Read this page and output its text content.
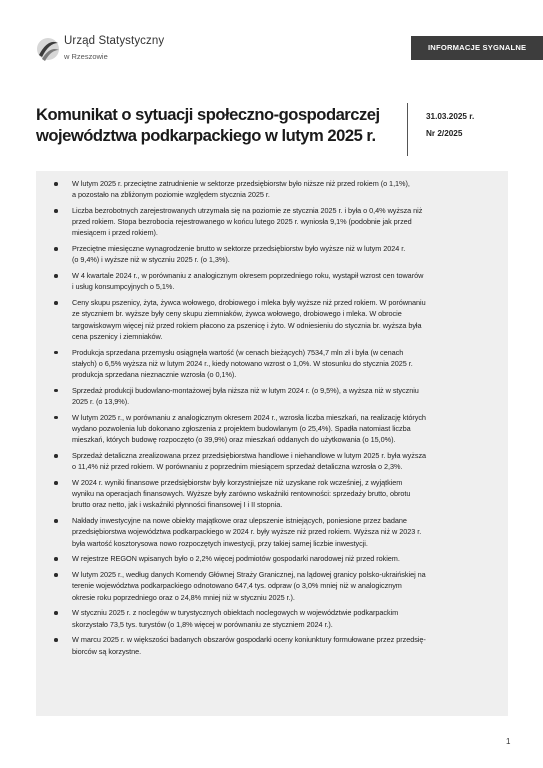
Urząd Statystyczny
w Rzeszowie
INFORMACJE SYGNALNE
Komunikat o sytuacji społeczno-gospodarczej
województwa podkarpackiego w lutym 2025 r.
31.03.2025 r.
Nr 2/2025
W lutym 2025 r. przeciętne zatrudnienie w sektorze przedsiębiorstw było niższe niż przed rokiem (o 1,1%),
a pozostało na zbliżonym poziomie względem stycznia 2025 r.
Liczba bezrobotnych zarejestrowanych utrzymała się na poziomie ze stycznia 2025 r. i była o 0,4% wyższa niż
przed rokiem. Stopa bezrobocia rejestrowanego w końcu lutego 2025 r. wyniosła 9,1% (podobnie jak przed
miesiącem i przed rokiem).
Przeciętne miesięczne wynagrodzenie brutto w sektorze przedsiębiorstw było wyższe niż w lutym 2024 r.
(o 9,4%) i wyższe niż w styczniu 2025 r. (o 1,3%).
W 4 kwartale 2024 r., w porównaniu z analogicznym okresem poprzedniego roku, wystąpił wzrost cen towarów
i usług konsumpcyjnych o 5,1%.
Ceny skupu pszenicy, żyta, żywca wołowego, drobiowego i mleka były wyższe niż przed rokiem. W porównaniu
ze styczniem br. wyższe były ceny skupu ziemniaków, żywca wołowego, drobiowego i mleka. W obrocie
targowiskowym więcej niż przed rokiem płacono za pszenicę i żyto. W odniesieniu do stycznia br. wyższa była
cena pszenicy i ziemniaków.
Produkcja sprzedana przemysłu osiągnęła wartość (w cenach bieżących) 7534,7 mln zł i była (w cenach
stałych) o 6,5% wyższa niż w lutym 2024 r., kiedy notowano wzrost o 1,0%. W stosunku do stycznia 2025 r.
produkcja sprzedana nieznacznie wzrosła (o 0,1%).
Sprzedaż produkcji budowlano-montażowej była niższa niż w lutym 2024 r. (o 9,5%), a wyższa niż w styczniu
2025 r. (o 13,9%).
W lutym 2025 r., w porównaniu z analogicznym okresem 2024 r., wzrosła liczba mieszkań, na realizację których
wydano pozwolenia lub dokonano zgłoszenia z projektem budowlanym (o 25,4%). Spadła natomiast liczba
mieszkań, których budowę rozpoczęto (o 39,9%) oraz mieszkań oddanych do użytkowania (o 15,0%).
Sprzedaż detaliczna zrealizowana przez przedsiębiorstwa handlowe i niehandlowe w lutym 2025 r. była wyższa
o 11,4% niż przed rokiem. W porównaniu z poprzednim miesiącem sprzedaż detaliczna wzrosła o 2,3%.
W 2024 r. wyniki finansowe przedsiębiorstw były korzystniejsze niż uzyskane rok wcześniej, z wyjątkiem
wyniku na operacjach finansowych. Wyższe były zarówno wskaźniki rentowności: sprzedaży brutto, obrotu
brutto oraz netto, jak i wskaźniki płynności finansowej I i II stopnia.
Nakłady inwestycyjne na nowe obiekty majątkowe oraz ulepszenie istniejących, poniesione przez badane
przedsiębiorstwa województwa podkarpackiego w 2024 r. były wyższe niż przed rokiem. Wyższa niż w 2023 r.
była wartość kosztorysowa nowo rozpoczętych inwestycji, przy takiej samej liczbie inwestycji.
W rejestrze REGON wpisanych było o 2,2% więcej podmiotów gospodarki narodowej niż przed rokiem.
W lutym 2025 r., według danych Komendy Głównej Straży Granicznej, na lądowej granicy polsko-ukraińskiej na
terenie województwa podkarpackiego odnotowano 647,4 tys. odpraw (o 3,0% mniej niż w analogicznym
okresie roku poprzedniego oraz o 24,8% mniej niż w styczniu 2025 r.).
W styczniu 2025 r. z noclegów w turystycznych obiektach noclegowych w województwie podkarpackim
skorzystało 73,5 tys. turystów (o 1,8% więcej w porównaniu ze styczniem 2024 r.).
W marcu 2025 r. w większości badanych obszarów gospodarki oceny koniunktury formułowane przez przedsię-
biorców są korzystne.
1
